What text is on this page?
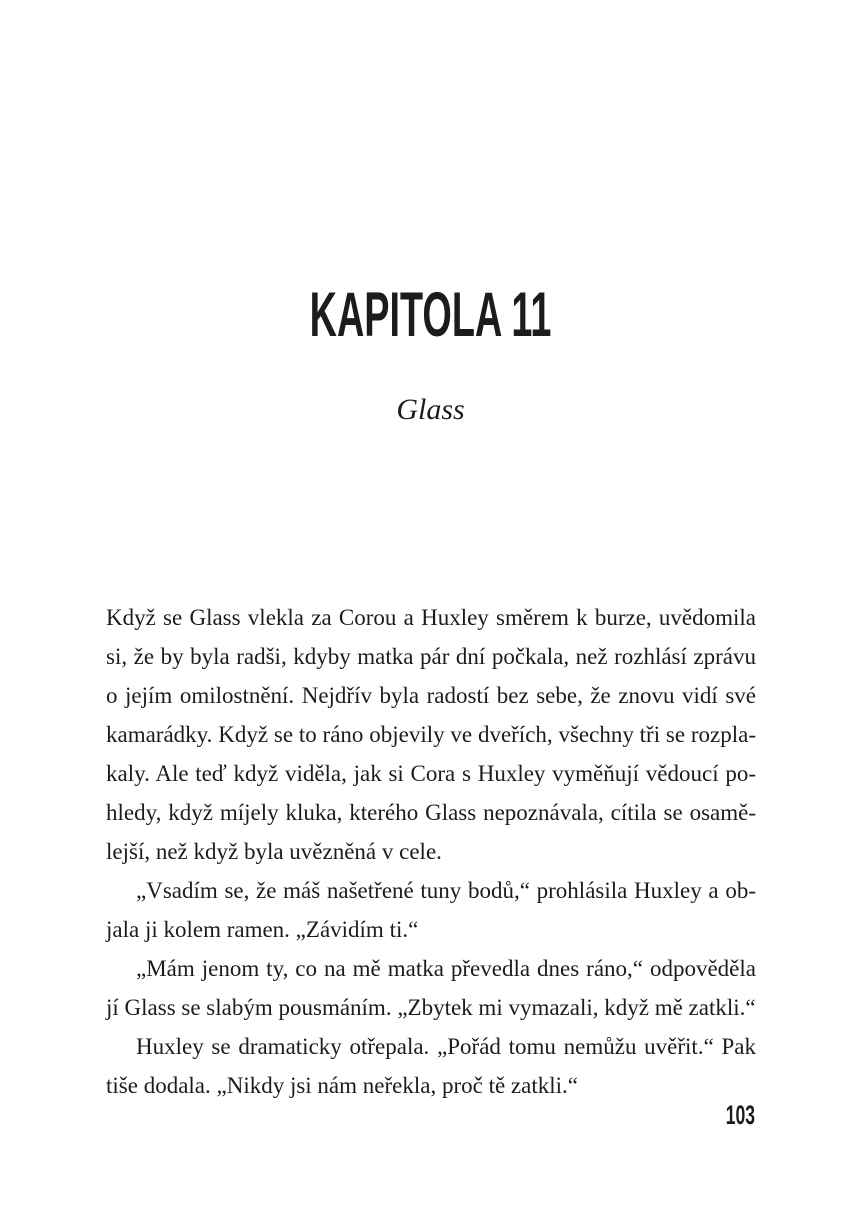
KAPITOLA 11
Glass
Když se Glass vlekla za Corou a Huxley směrem k burze, uvědomila
si, že by byla radši, kdyby matka pár dní počkala, než rozhlásí zprávu
o jejím omilostnění. Nejdřív byla radostí bez sebe, že znovu vidí své
kamarádky. Když se to ráno objevily ve dveřích, všechny tři se rozpla-
kaly. Ale teď když viděla, jak si Cora s Huxley vyměňují vědoucí po-
hledy, když míjely kluka, kterého Glass nepoznávala, cítila se osamě-
lejší, než když byla uvězněná v cele.
„Vsadím se, že máš našetřené tuny bodů,“ prohlásila Huxley a ob-
jala ji kolem ramen. „Závidím ti.“
„Mám jenom ty, co na mě matka převedla dnes ráno,“ odpověděla
jí Glass se slabým pousmáním. „Zbytek mi vymazali, když mě zatkli.“
Huxley se dramaticky otřepala. „Pořád tomu nemůžu uvěřit.“ Pak
tiše dodala. „Nikdy jsi nám neřekla, proč tě zatkli.“
103
